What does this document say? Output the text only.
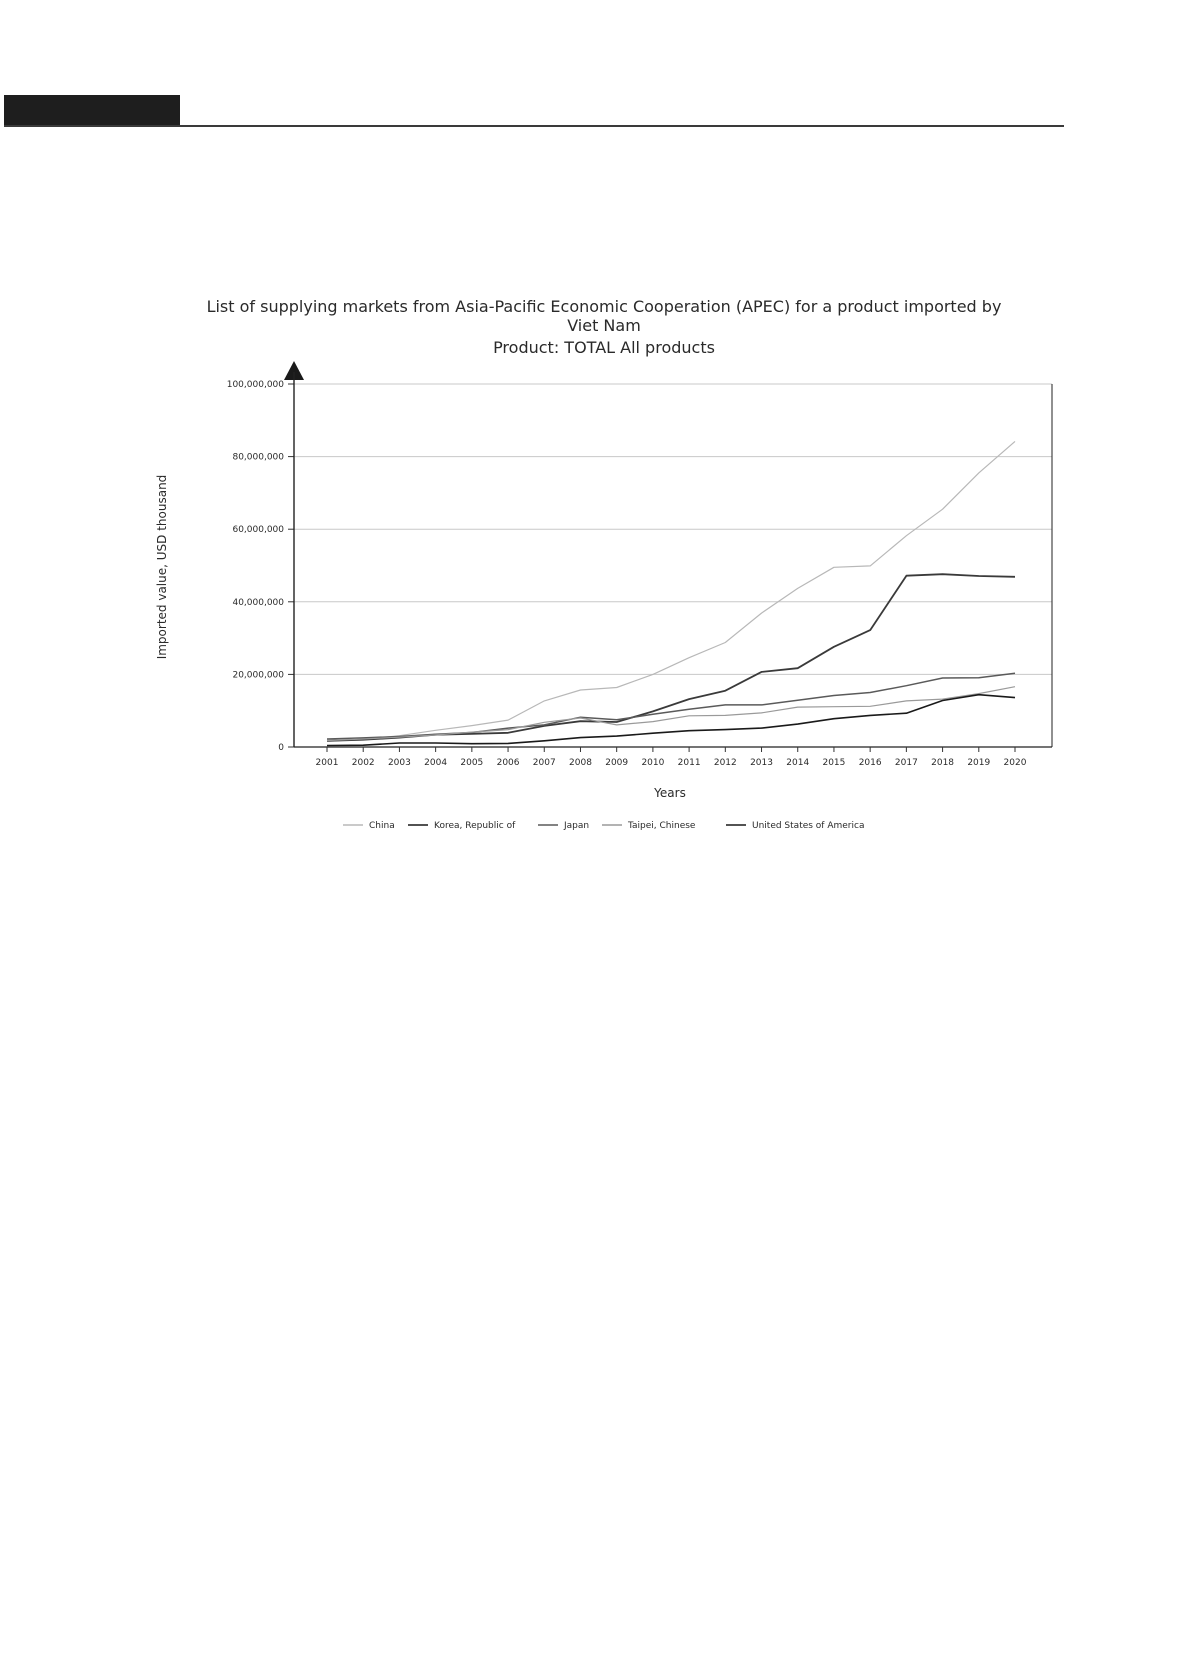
List of supplying markets from Asia-Pacific Economic Cooperation (APEC) for a product imported by
Viet Nam
Product: TOTAL All products
Years
Imported value, USD thousand
0
20,000,000
40,000,000
60,000,000
80,000,000
100,000,000
2001 2002 2003 2004 2005 2006 2007 2008 2009 2010 2011 2012 2013 2014 2015 2016 2017 2018 2019 2020
China	Korea, Republic of	Japan	Taipei, Chinese	United States of America
